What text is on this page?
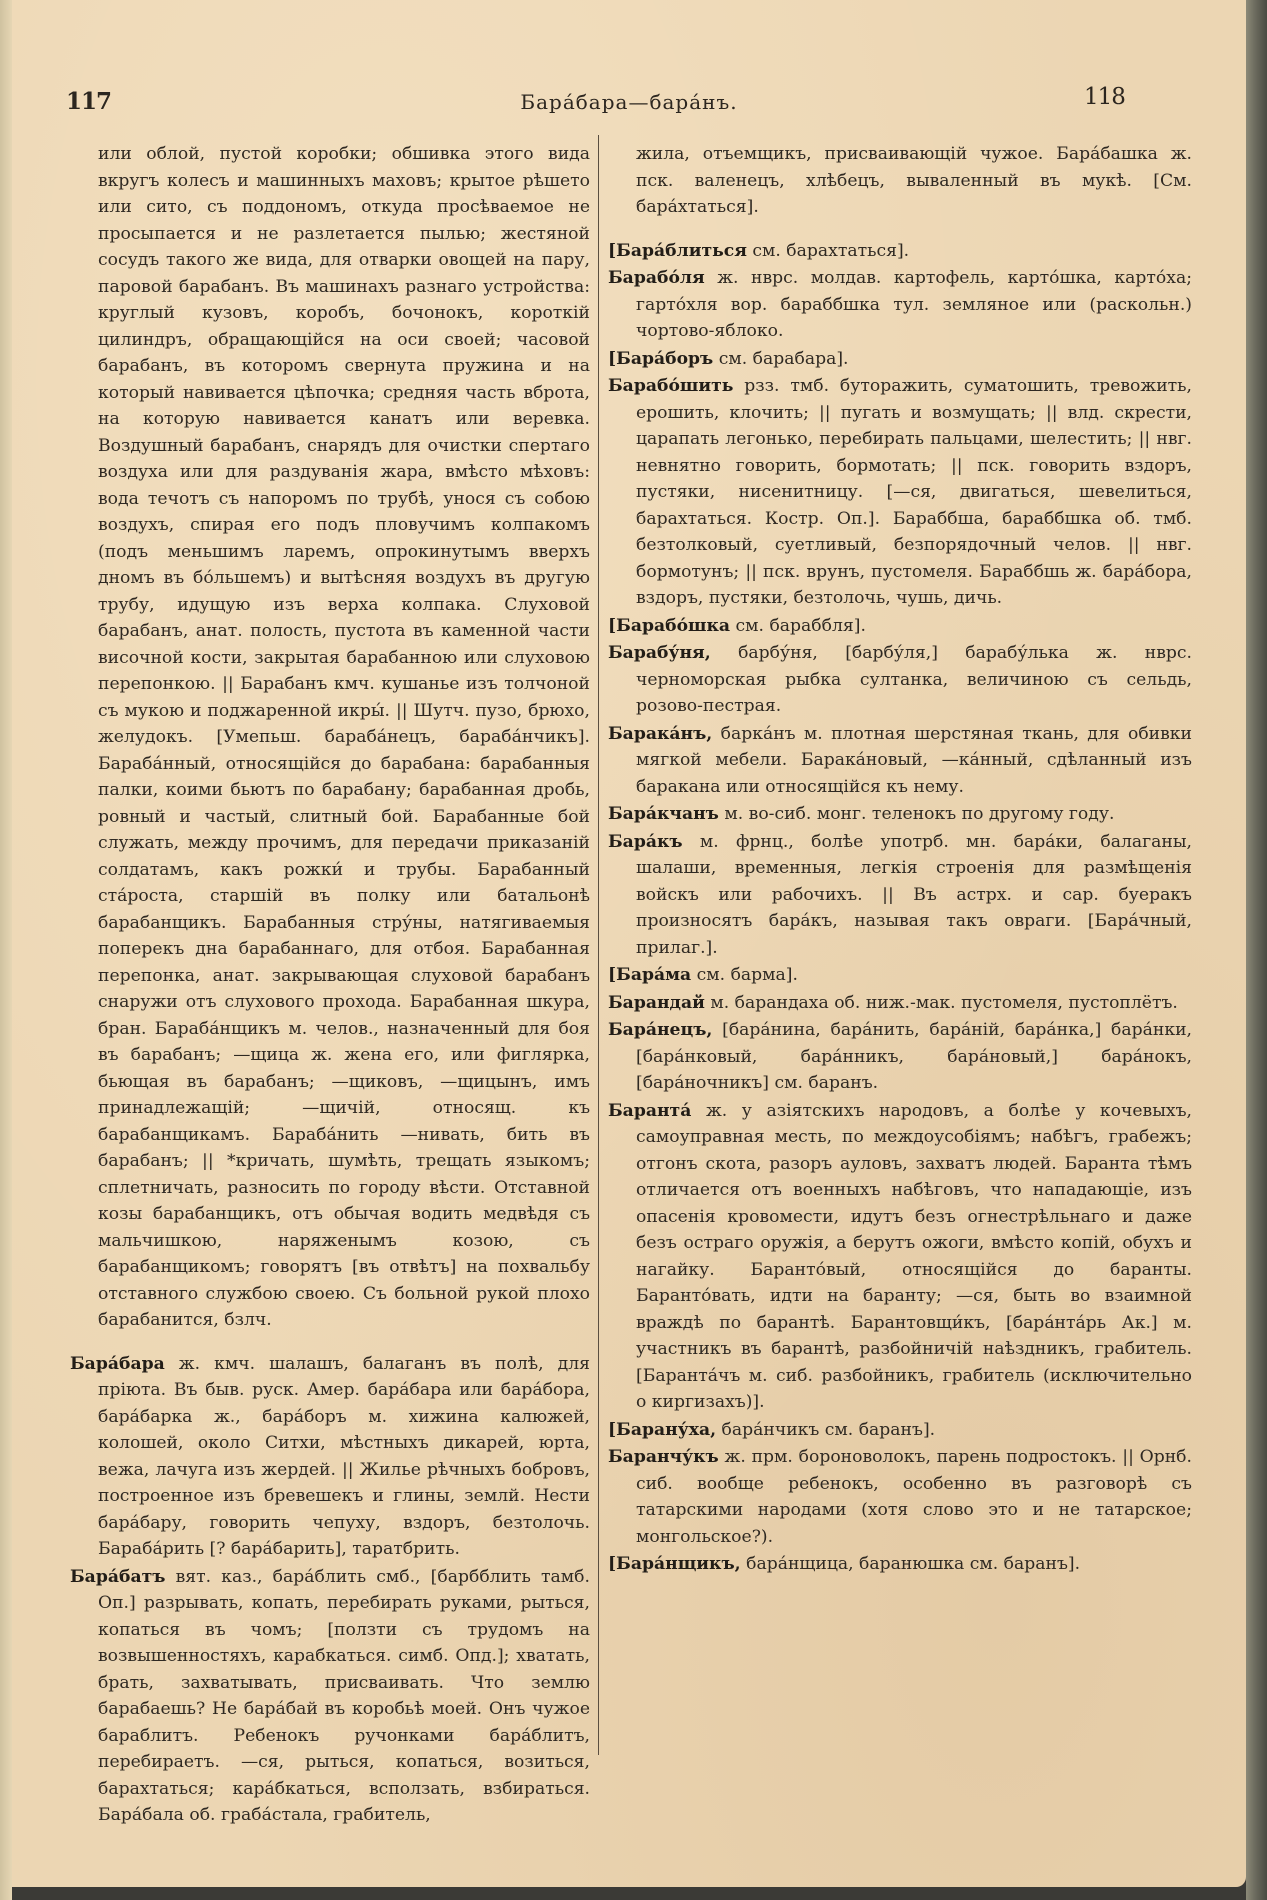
117	Бара́бара—бара́нъ.	118

или облой, пустой коробки; обшивка этого вида вкругъ колесъ и машинныхъ маховъ; крытое рѣшето или сито, съ поддономъ, откуда просѣваемое не просыпается и не разлетается пылью; жестяной сосудъ такого же вида, для отварки овощей на пару, паровой барабанъ. Въ машинахъ разнаго устройства: круглый кузовъ, коробъ, бочонокъ, короткій цилиндръ, обращающійся на оси своей; часовой барабанъ, въ которомъ свернута пружина и на который навивается цѣпочка; средняя часть вброта, на которую навивается канатъ или веревка. Воздушный барабанъ, снарядъ для очистки спертаго воздуха или для раздуванія жара, вмѣсто мѣховъ: вода течотъ съ напоромъ по трубѣ, унося съ собою воздухъ, спирая его подъ пловучимъ колпакомъ (подъ меньшимъ ларемъ, опрокинутымъ вверхъ дномъ въ бо́льшемъ) и вытѣсняя воздухъ въ другую трубу, идущую изъ верха колпака. Слуховой барабанъ, анат. полость, пустота въ каменной части височной кости, закрытая барабанною или слуховою перепонкою. || Барабанъ кмч. кушанье изъ толчоной съ мукою и поджаренной икры́. || Шутч. пузо, брюхо, желудокъ. [Умепьш. бараба́нецъ, бараба́нчикъ]. Бараба́нный, относящійся до барабана: барабанныя палки, коими бьютъ по барабану; барабанная дробь, ровный и частый, слитный бой. Барабанные бой служать, между прочимъ, для передачи приказаній солдатамъ, какъ рожки́ и трубы. Барабанный ста́роста, старшій въ полку или батальонѣ барабанщикъ. Барабанныя стру́ны, натягиваемыя поперекъ дна барабаннаго, для отбоя. Барабанная перепонка, анат. закрывающая слуховой барабанъ снаружи отъ слухового прохода. Барабанная шкура, бран. Бараба́нщикъ м. челов., назначенный для боя въ барабанъ; —щица ж. жена его, или фиглярка, бьющая въ барабанъ; —щиковъ, —щицынъ, имъ принадлежащій; —щичій, относящ. къ барабанщикамъ. Бараба́нить —нивать, бить въ барабанъ; || *кричать, шумѣть, трещать языкомъ; сплетничать, разносить по городу вѣсти. Отставной козы барабанщикъ, отъ обычая водить медвѣдя съ мальчишкою, наряженымъ козою, съ барабанщикомъ; говорятъ [въ отвѣтъ] на похвальбу отставного службою своею. Съ больной рукой плохо барабанится, бзлч.

Бара́бара ж. кмч. шалашъ, балаганъ въ полѣ, для пріюта. Въ быв. руск. Амер. бара́бара или бара́бора, бара́барка ж., бара́боръ м. хижина калюжей, колошей, около Ситхи, мѣстныхъ дикарей, юрта, вежа, лачуга изъ жердей. || Жилье рѣчныхъ бобровъ, построенное изъ бревешекъ и глины, землй. Нести бара́бару, говорить чепуху, вздоръ, безтолочь. Бараба́рить [? бара́барить], таратбрить.

Бара́батъ вят. каз., бара́блить смб., [барбблить тамб. Оп.] разрывать, копать, перебирать руками, рыться, копаться въ чомъ; [ползти съ трудомъ на возвышенностяхъ, карабкаться. симб. Опд.]; хватать, брать, захватывать, присваивать. Что землю барабаешь? Не бара́бай въ коробьѣ моей. Онъ чужое бараблитъ. Ребенокъ ручонками бара́блитъ, перебираетъ. —ся, рыться, копаться, возиться, барахтаться; кара́бкаться, всползать, взбираться. Бара́бала об. граба́стала, грабитель,

жила, отъемщикъ, присваивающій чужое. Бара́башка ж. пск. валенецъ, хлѣбецъ, вываленный въ мукѣ. [См. бара́хтаться].

[Бара́блиться см. барахтаться].

Барабо́ля ж. нврс. молдав. картофель, карто́шка, карто́ха; гарто́хля вор. бараббшка тул. земляное или (раскольн.) чортово-яблоко.

[Бара́боръ см. барабара].

Барабо́шить рзз. тмб. буторажить, суматошить, тревожить, ерошить, клочить; || пугать и возмущать; || влд. скрести, царапать легонько, перебирать пальцами, шелестить; || нвг. невнятно говорить, бормотать; || пск. говорить вздоръ, пустяки, нисенитницу. [—ся, двигаться, шевелиться, барахтаться. Костр. Оп.]. Бараббша, бараббшка об. тмб. безтолковый, суетливый, безпорядочный челов. || нвг. бормотунъ; || пск. врунъ, пустомеля. Бараббшь ж. бара́бора, вздоръ, пустяки, безтолочь, чушь, дичь.

[Барабо́шка см. бараббля].

Барабу́ня, барбу́ня, [барбу́ля,] барабу́лька ж. нврс. черноморская рыбка султанка, величиною съ сельдь, розово-пестрая.

Барака́нъ, барка́нъ м. плотная шерстяная ткань, для обивки мягкой мебели. Барака́новый, —ка́нный, сдѣланный изъ баракана или относящійся къ нему.

Бара́кчанъ м. во-сиб. монг. теленокъ по другому году.

Бара́къ м. фрнц., болѣе употрб. мн. бара́ки, балаганы, шалаши, временныя, легкія строенія для размѣщенія войскъ или рабочихъ. || Въ астрх. и сар. буеракъ произносятъ бара́къ, называя такъ овраги. [Бара́чный, прилаг.].

[Бара́ма см. барма].

Барандай м. барандаха об. ниж.-мак. пустомеля, пустоплётъ.

Бара́нецъ, [бара́нина, бара́нить, бара́ній, бара́нка,] бара́нки, [бара́нковый, бара́нникъ, бара́новый,] бара́нокъ, [бара́ночникъ] см. баранъ.

Баранта́ ж. у азіятскихъ народовъ, а болѣе у кочевыхъ, самоуправная месть, по междоусобіямъ; набѣгъ, грабежъ; отгонъ скота, разоръ ауловъ, захватъ людей. Баранта тѣмъ отличается отъ военныхъ набѣговъ, что нападающіе, изъ опасенія кровомести, идутъ безъ огнестрѣльнаго и даже безъ остраго оружія, а берутъ ожоги, вмѣсто копій, обухъ и нагайку. Баранто́вый, относящійся до баранты. Баранто́вать, идти на баранту; —ся, быть во взаимной враждѣ по барантѣ. Барантовщи́къ, [бара́нта́рь Ак.] м. участникъ въ барантѣ, разбойничій наѣздникъ, грабитель. [Баранта́чъ м. сиб. разбойникъ, грабитель (исключительно о киргизахъ)].

[Барану́ха, бара́нчикъ см. баранъ].

Баранчу́къ ж. прм. бороноволокъ, парень подростокъ. || Орнб. сиб. вообще ребенокъ, особенно въ разговорѣ съ татарскими народами (хотя слово это и не татарское; монгольское?).

[Бара́нщикъ, бара́нщица, баранюшка см. баранъ].
